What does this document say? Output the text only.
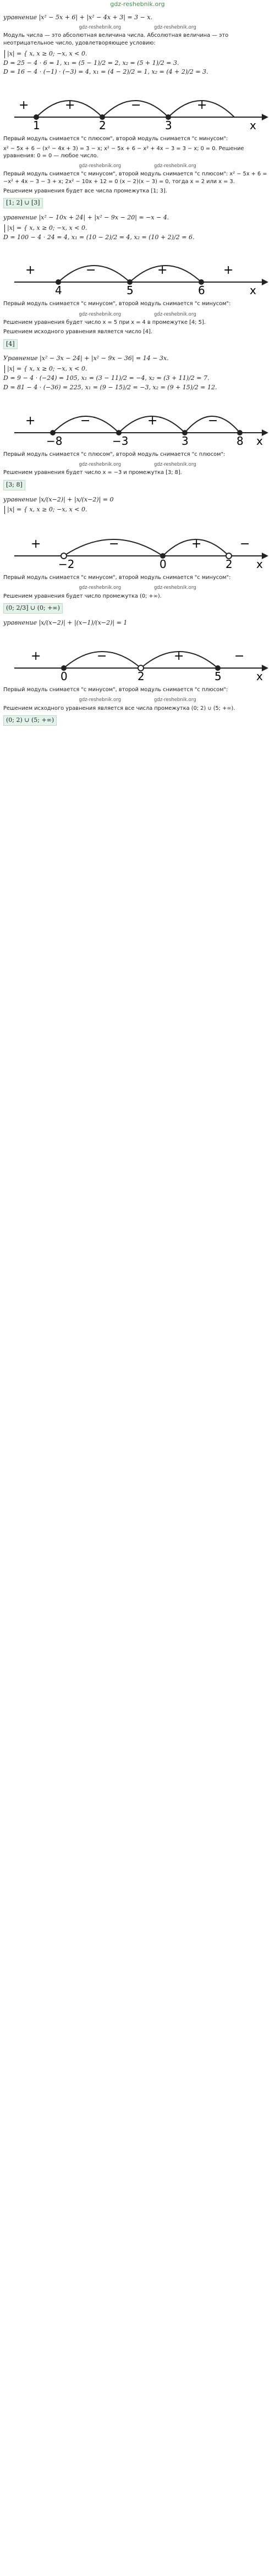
gdz-reshebnik.org
уравнение |x² − 5x + 6| + |x² − 4x + 3| = 3 − x.
gdz-reshebnik.org	gdz-reshebnik.org
Модуль числа — это абсолютная величина числа. Абсолютная величина — это неотрицательное число, удовлетворяющее условию:
|x| = { x, x ≥ 0; −x, x < 0.
D = 25 − 4 · 6 = 1, x₁ = (5 − 1)/2 = 2, x₂ = (5 + 1)/2 = 3.
D = 16 − 4 · (−1) · (−3) = 4, x₁ = (4 − 2)/2 = 1, x₂ = (4 + 2)/2 = 3.
+	+	−	+
1	2	3	x
Первый модуль снимается "с плюсом", второй модуль снимается "с минусом":
x² − 5x + 6 − (x² − 4x + 3) = 3 − x; x² − 5x + 6 − x² + 4x − 3 = 3 − x; 0 = 0. Решение уравнения: 0 = 0 — любое число.
gdz-reshebnik.org	gdz-reshebnik.org
Первый модуль снимается "с минусом", второй модуль снимается "с плюсом": x² − 5x + 6 = −x² + 4x − 3 − 3 + x; 2x² − 10x + 12 = 0 (x − 2)(x − 3) = 0, тогда x = 2 или x = 3.
Решением уравнения будет все числа промежутка [1; 3].
[1; 2] ∪ [3]
уравнение |x² − 10x + 24| + |x² − 9x − 20| = −x − 4.
|x| = { x, x ≥ 0; −x, x < 0.
D = 100 − 4 · 24 = 4, x₁ = (10 − 2)/2 = 4, x₂ = (10 + 2)/2 = 6.
+	−	+	+
4	5	6	x
Первый модуль снимается "с минусом", второй модуль снимается "с минусом":
gdz-reshebnik.org	gdz-reshebnik.org
Решением уравнения будет число x = 5 при x = 4 в промежутке [4; 5].
Решением исходного уравнения является число [4].
[4]
Уравнение |x² − 3x − 24| + |x² − 9x − 36| = 14 − 3x.
|x| = { x, x ≥ 0; −x, x < 0.
D = 9 − 4 · (−24) = 105, x₁ = (3 − 11)/2 = −4, x₂ = (3 + 11)/2 = 7.
D = 81 − 4 · (−36) = 225, x₁ = (9 − 15)/2 = −3, x₂ = (9 + 15)/2 = 12.
+	−	+	−
−8	−3	3	8 x
Первый модуль снимается "с плюсом", второй модуль снимается "с плюсом":
gdz-reshebnik.org	gdz-reshebnik.org
Решением уравнения будет число x = −3 и промежутка [3; 8].
[3; 8]
уравнение |x/(x−2)| + |x/(x−2)| = 0
|x| = { x, x ≥ 0; −x, x < 0.
+	−	+	−
−2	0	2 x
Первый модуль снимается "с минусом", второй модуль снимается "с минусом":
gdz-reshebnik.org	gdz-reshebnik.org
Решением уравнения будет число промежутка (0; +∞).
(0; 2/3] ∪ (0; +∞)
уравнение |x/(x−2)| + |(x−1)/(x−2)| = 1
+	−	+	−
0	2	5	x
Первый модуль снимается "с минусом", второй модуль снимается "с плюсом":
gdz-reshebnik.org	gdz-reshebnik.org
Решением исходного уравнения является все числа промежутка (0; 2) ∪ (5; +∞).
(0; 2) ∪ (5; +∞)
